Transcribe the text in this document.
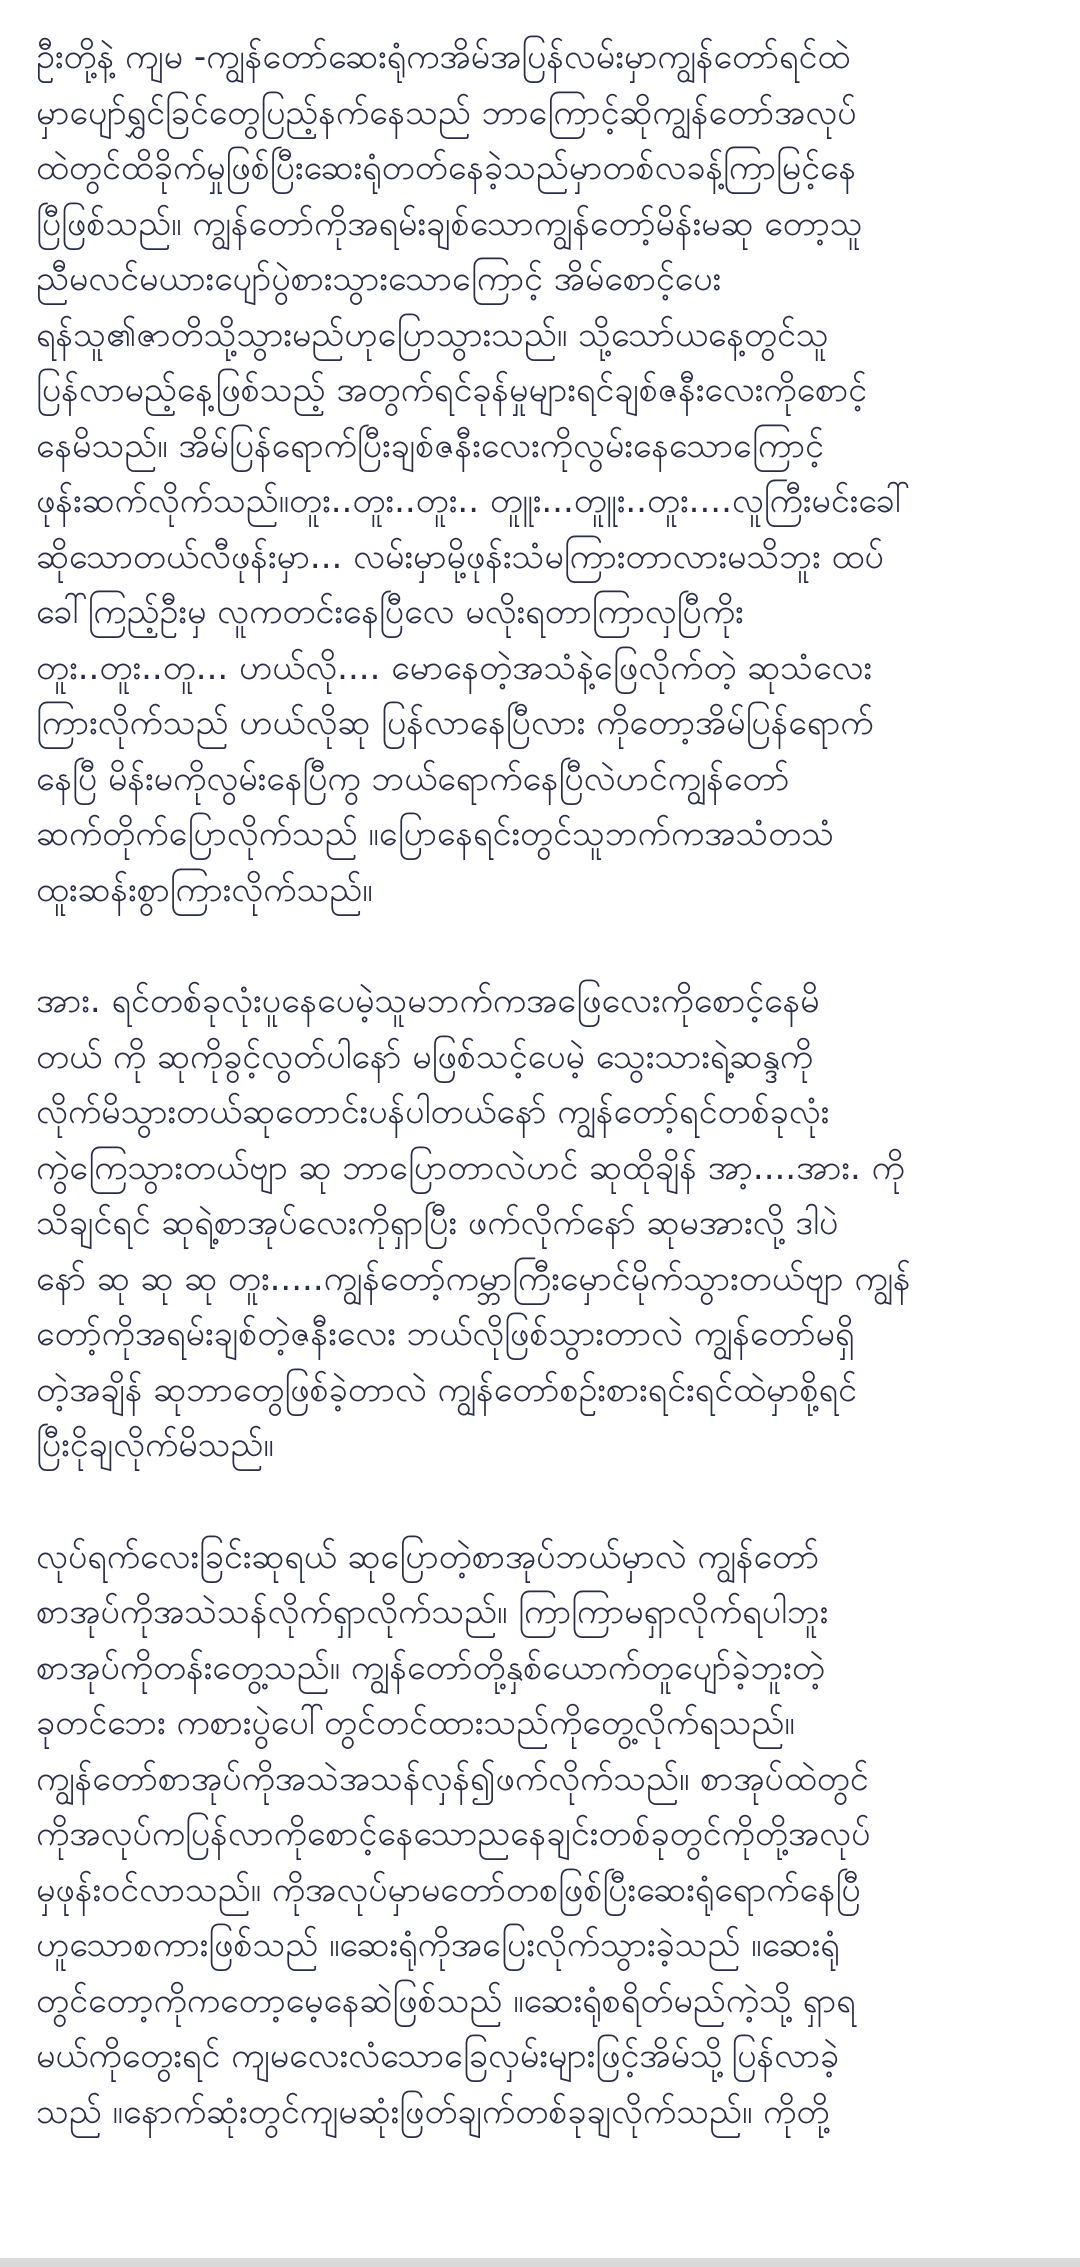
ဦးတို့နဲ့ ကျမ -ကျွန်တော်ဆေးရုံကအိမ်အပြန်လမ်းမှာကျွန်တော်ရင်ထဲ
မှာပျော်ရွှင်ခြင်တွေပြည့်နက်နေသည် ဘာကြောင့်ဆိုကျွန်တော်အလုပ်
ထဲတွင်ထိခိုက်မှုဖြစ်ပြီးဆေးရုံတတ်နေခဲ့သည်မှာတစ်လခန့်ကြာမြင့်နေ
ပြီဖြစ်သည်။ ကျွန်တော်ကိုအရမ်းချစ်သောကျွန်တော့်မိန်းမဆု တော့သူ
ညီမလင်မယားပျော်ပွဲစားသွားသောကြောင့် အိမ်စောင့်ပေး
ရန်သူ၏ဇာတိသို့သွားမည်ဟုပြောသွားသည်။ သို့သော်ယနေ့တွင်သူ
ပြန်လာမည့်နေ့ဖြစ်သည့် အတွက်ရင်ခုန်မှုများရင်ချစ်ဇနီးလေးကိုစောင့်
နေမိသည်။ အိမ်ပြန်ရောက်ပြီးချစ်ဇနီးလေးကိုလွမ်းနေသောကြောင့်
ဖုန်းဆက်လိုက်သည်။တူး..တူး..တူး.. တူူး...တူူး..တူး....လူကြီးမင်းခေါ်
ဆိုသောတယ်လီဖုန်းမှာ... လမ်းမှာမို့ဖုန်းသံမကြားတာလားမသိဘူး ထပ်
ခေါ်ကြည့်ဦးမှ လူကတင်းနေပြီလေ မလိုးရတာကြာလှပြီကိုး
တူး..တူး..တူ... ဟယ်လို.... မောနေတဲ့အသံနဲ့ဖြေလိုက်တဲ့ ဆုသံလေး
ကြားလိုက်သည် ဟယ်လိုဆု ပြန်လာနေပြီလား ကိုတော့အိမ်ပြန်ရောက်
နေပြီ မိန်းမကိုလွမ်းနေပြီကွ ဘယ်ရောက်နေပြီလဲဟင်ကျွန်တော်
ဆက်တိုက်ပြောလိုက်သည် ။ပြောနေရင်းတွင်သူဘက်ကအသံတသံ
ထူးဆန်းစွာကြားလိုက်သည်။

အား. ရင်တစ်ခုလုံးပူနေပေမဲ့သူမဘက်ကအဖြေလေးကိုစောင့်နေမိ
တယ် ကို ဆုကိုခွင့်လွတ်ပါနော် မဖြစ်သင့်ပေမဲ့ သွေးသားရဲ့ဆန္ဒကို
လိုက်မိသွားတယ်ဆုတောင်းပန်ပါတယ်နော် ကျွန်တော့်ရင်တစ်ခုလုံး
ကွဲကြေသွားတယ်ဗျာ ဆု ဘာပြောတာလဲဟင် ဆုထိုချိန် အာ့....အား. ကို
သိချင်ရင် ဆုရဲ့စာအုပ်လေးကိုရှာပြီး ဖက်လိုက်နော် ဆုမအားလို့ ဒါပဲ
နော် ဆု ဆု ဆု တူး.....ကျွန်တော့်ကမ္ဘာကြီးမှောင်မိုက်သွားတယ်ဗျာ ကျွန်
တော့်ကိုအရမ်းချစ်တဲ့ဇနီးလေး ဘယ်လိုဖြစ်သွားတာလဲ ကျွန်တော်မရှိ
တဲ့အချိန် ဆုဘာတွေဖြစ်ခဲ့တာလဲ ကျွန်တော်စဉ်းစားရင်းရင်ထဲမှာစို့ရင်
ပြီးငိုချလိုက်မိသည်။

လုပ်ရက်လေးခြင်းဆုရယ် ဆုပြောတဲ့စာအုပ်ဘယ်မှာလဲ ကျွန်တော်
စာအုပ်ကိုအသဲသန်လိုက်ရှာလိုက်သည်။ ကြာကြာမရှာလိုက်ရပါဘူး
စာအုပ်ကိုတန်းတွေ့သည်။ ကျွန်တော်တို့နှစ်ယောက်တူပျော်ခဲ့ဘူးတဲ့
ခုတင်ဘေး ကစားပွဲပေါ်တွင်တင်ထားသည်ကိုတွေ့လိုက်ရသည်။
ကျွန်တော်စာအုပ်ကိုအသဲအသန်လှန်၍ဖက်လိုက်သည်။ စာအုပ်ထဲတွင်
ကိုအလုပ်ကပြန်လာကိုစောင့်နေသောညနေချင်းတစ်ခုတွင်ကိုတို့အလုပ်
မှဖုန်းဝင်လာသည်။ ကိုအလုပ်မှာမတော်တစဖြစ်ပြီးဆေးရုံရောက်နေပြီ
ဟူသောစကားဖြစ်သည် ။ဆေးရုံကိုအပြေးလိုက်သွားခဲ့သည် ။ဆေးရုံ
တွင်တော့ကိုကတော့မေ့နေဆဲဖြစ်သည် ။ဆေးရုံစရိတ်မည်ကဲ့သို့ ရှာရ
မယ်ကိုတွေးရင် ကျမလေးလံသောခြေလှမ်းများဖြင့်အိမ်သို့ပြန်လာခဲ့
သည် ။နောက်ဆုံးတွင်ကျမဆုံးဖြတ်ချက်တစ်ခုချလိုက်သည်။ ကိုတို့
